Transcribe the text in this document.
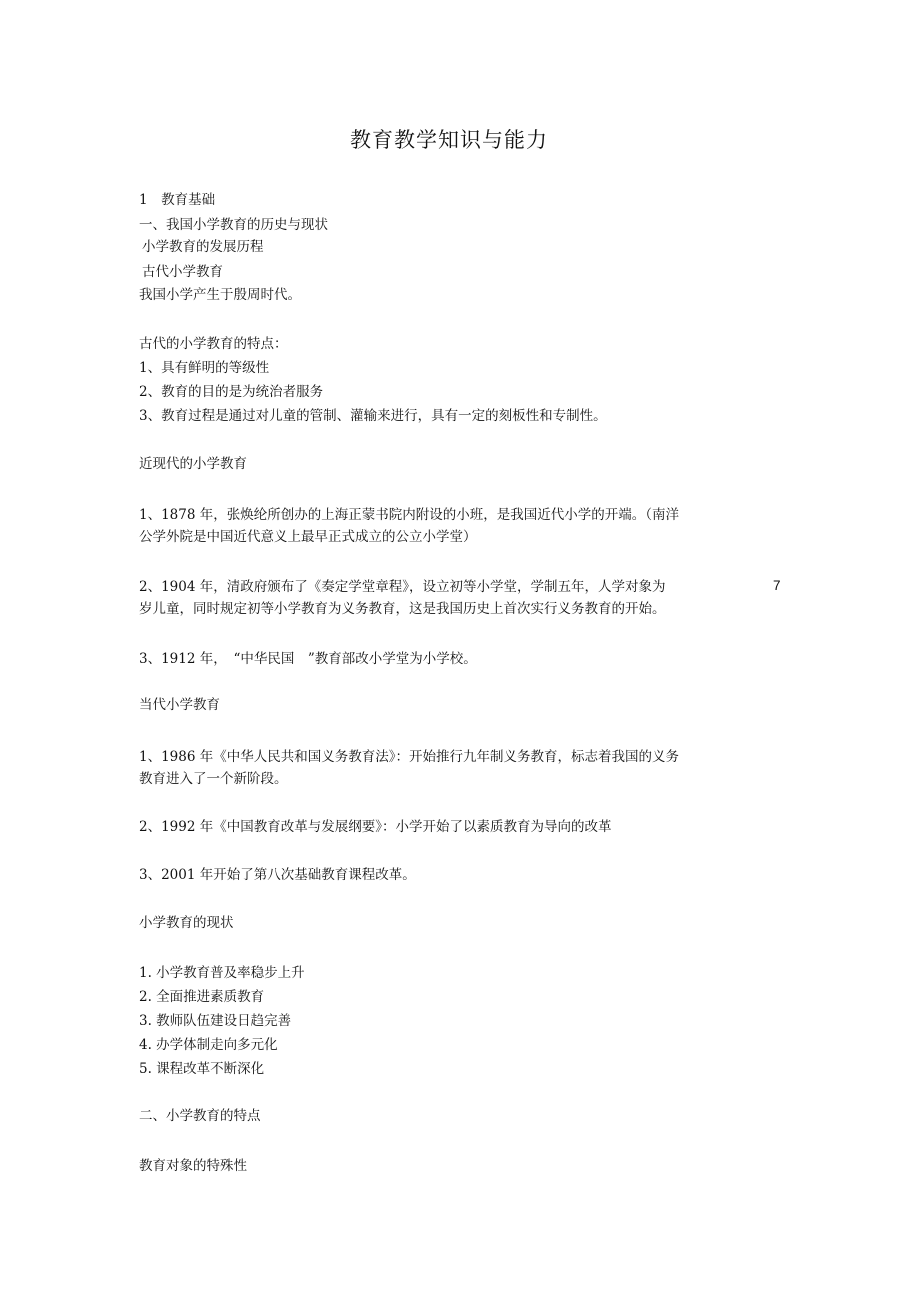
教育教学知识与能力
1　教育基础
一、我国小学教育的历史与现状
小学教育的发展历程
古代小学教育
我国小学产生于殷周时代。
古代的小学教育的特点：
1、具有鲜明的等级性
2、教育的目的是为统治者服务
3、教育过程是通过对儿童的管制、灌输来进行，具有一定的刻板性和专制性。
近现代的小学教育
1、1878 年，张焕纶所创办的上海正蒙书院内附设的小班，是我国近代小学的开端。（南洋
公学外院是中国近代意义上最早正式成立的公立小学堂）
2、1904 年，清政府颁布了《奏定学堂章程》，设立初等小学堂，学制五年，人学对象为	7
岁儿童，同时规定初等小学教育为义务教育，这是我国历史上首次实行义务教育的开始。
3、1912 年，　“中华民国　”教育部改小学堂为小学校。
当代小学教育
1、1986 年《中华人民共和国义务教育法》：开始推行九年制义务教育，标志着我国的义务
教育进入了一个新阶段。
2、1992 年《中国教育改革与发展纲要》：小学开始了以素质教育为导向的改革
3、2001 年开始了第八次基础教育课程改革。
小学教育的现状
1. 小学教育普及率稳步上升
2. 全面推进素质教育
3. 教师队伍建设日趋完善
4. 办学体制走向多元化
5. 课程改革不断深化
二、小学教育的特点
教育对象的特殊性
